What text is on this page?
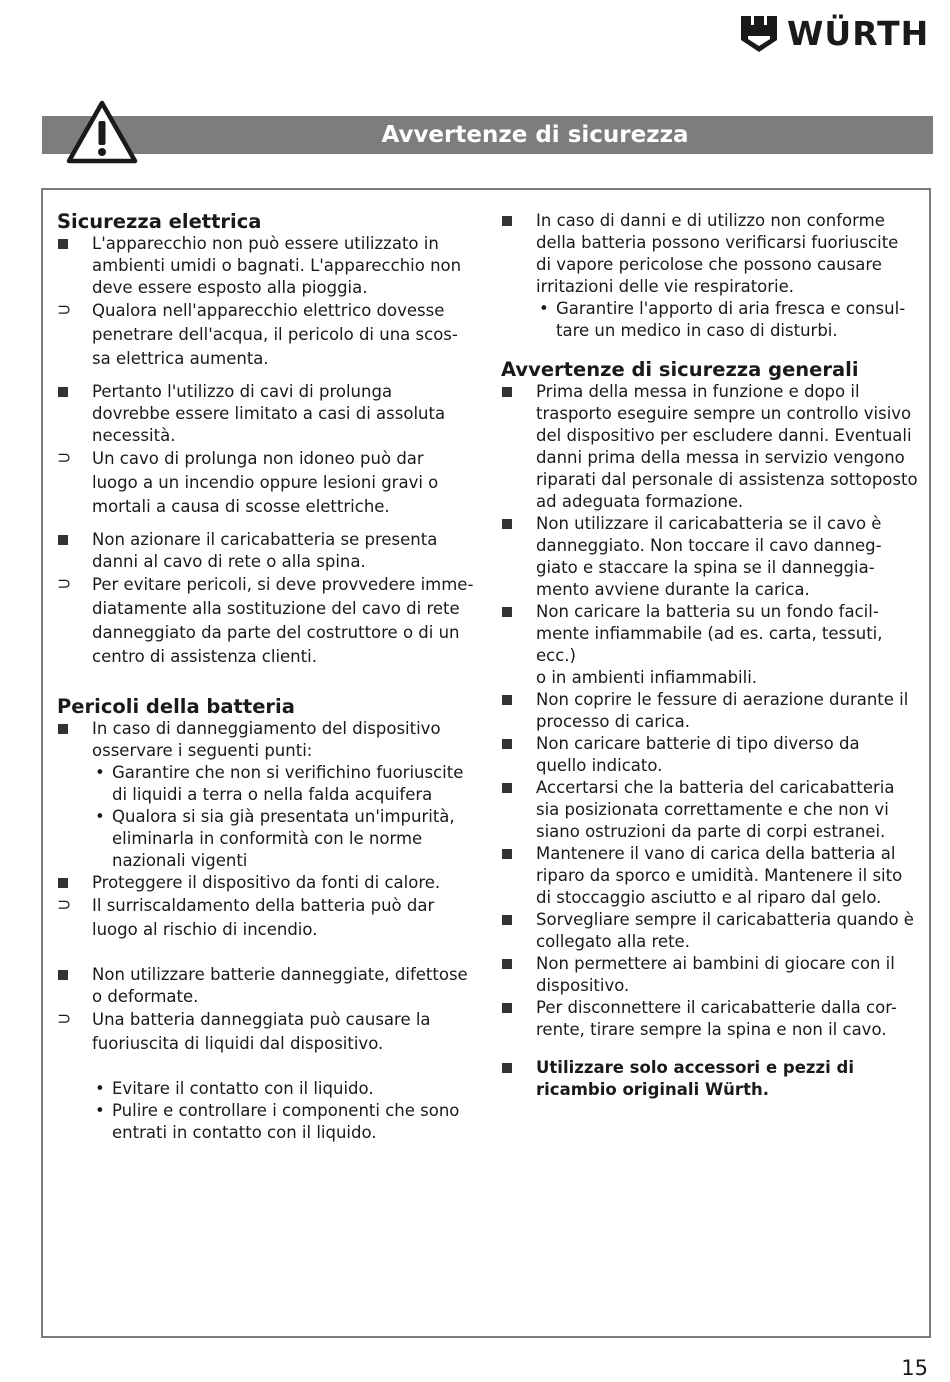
WÜRTH
Avvertenze di sicurezza
Sicurezza elettrica
L'apparecchio non può essere utilizzato in
ambienti umidi o bagnati. L'apparecchio non
deve essere esposto alla pioggia.
⊃	Qualora nell'apparecchio elettrico dovesse
penetrare dell'acqua, il pericolo di una scos-
sa elettrica aumenta.
Pertanto l'utilizzo di cavi di prolunga
dovrebbe essere limitato a casi di assoluta
necessità.
⊃	Un cavo di prolunga non idoneo può dar
luogo a un incendio oppure lesioni gravi o
mortali a causa di scosse elettriche.
Non azionare il caricabatteria se presenta
danni al cavo di rete o alla spina.
⊃	Per evitare pericoli, si deve provvedere imme-
diatamente alla sostituzione del cavo di rete
danneggiato da parte del costruttore o di un
centro di assistenza clienti.
Pericoli della batteria
In caso di danneggiamento del dispositivo
osservare i seguenti punti:
• Garantire che non si verifichino fuoriuscite
di liquidi a terra o nella falda acquifera
• Qualora si sia già presentata un'impurità,
eliminarla in conformità con le norme
nazionali vigenti
Proteggere il dispositivo da fonti di calore.
⊃	Il surriscaldamento della batteria può dar
luogo al rischio di incendio.
Non utilizzare batterie danneggiate, difettose
o deformate.
⊃	Una batteria danneggiata può causare la
fuoriuscita di liquidi dal dispositivo.
• Evitare il contatto con il liquido.
• Pulire e controllare i componenti che sono
entrati in contatto con il liquido.
In caso di danni e di utilizzo non conforme
della batteria possono verificarsi fuoriuscite
di vapore pericolose che possono causare
irritazioni delle vie respiratorie.
• Garantire l'apporto di aria fresca e consul-
tare un medico in caso di disturbi.
Avvertenze di sicurezza generali
Prima della messa in funzione e dopo il
trasporto eseguire sempre un controllo visivo
del dispositivo per escludere danni. Eventuali
danni prima della messa in servizio vengono
riparati dal personale di assistenza sottoposto
ad adeguata formazione.
Non utilizzare il caricabatteria se il cavo è
danneggiato. Non toccare il cavo danneg-
giato e staccare la spina se il danneggia-
mento avviene durante la carica.
Non caricare la batteria su un fondo facil-
mente infiammabile (ad es. carta, tessuti, ecc.)
o in ambienti infiammabili.
Non coprire le fessure di aerazione durante il
processo di carica.
Non caricare batterie di tipo diverso da
quello indicato.
Accertarsi che la batteria del caricabatteria
sia posizionata correttamente e che non vi
siano ostruzioni da parte di corpi estranei.
Mantenere il vano di carica della batteria al
riparo da sporco e umidità. Mantenere il sito
di stoccaggio asciutto e al riparo dal gelo.
Sorvegliare sempre il caricabatteria quando è
collegato alla rete.
Non permettere ai bambini di giocare con il
dispositivo.
Per disconnettere il caricabatterie dalla cor-
rente, tirare sempre la spina e non il cavo.
Utilizzare solo accessori e pezzi di
ricambio originali Würth.
15
